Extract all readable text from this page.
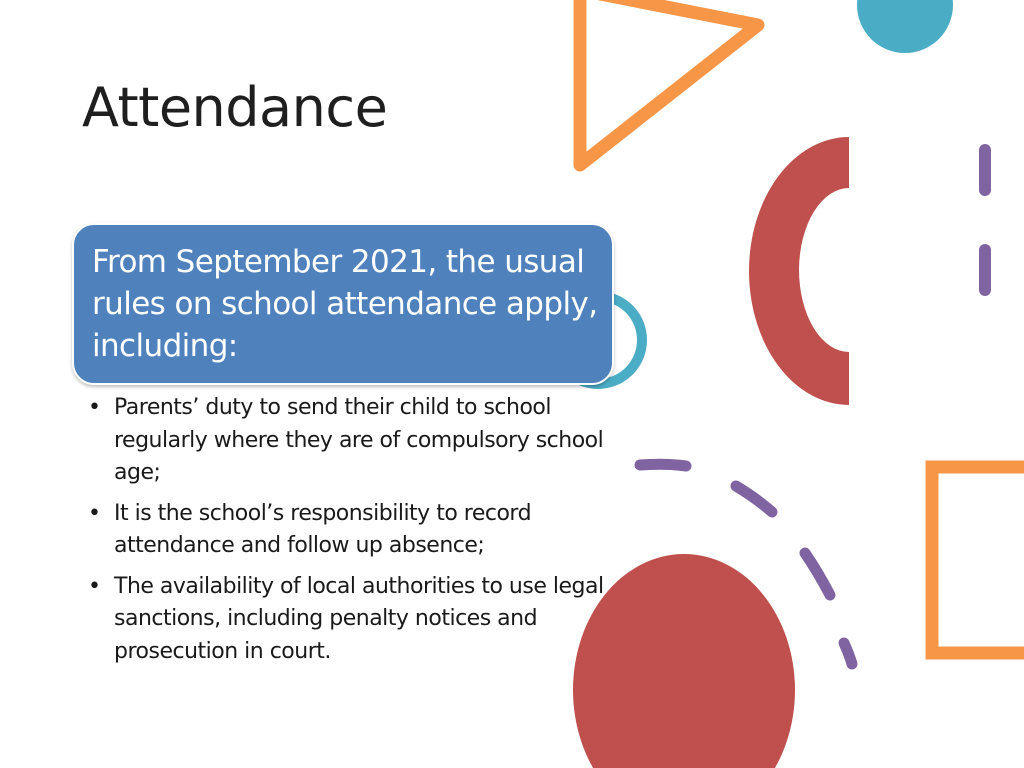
Attendance
From September 2021, the usual rules on school attendance apply, including:
• Parents’ duty to send their child to school regularly where they are of compulsory school age;
• It is the school’s responsibility to record attendance and follow up absence;
• The availability of local authorities to use legal sanctions, including penalty notices and prosecution in court.
